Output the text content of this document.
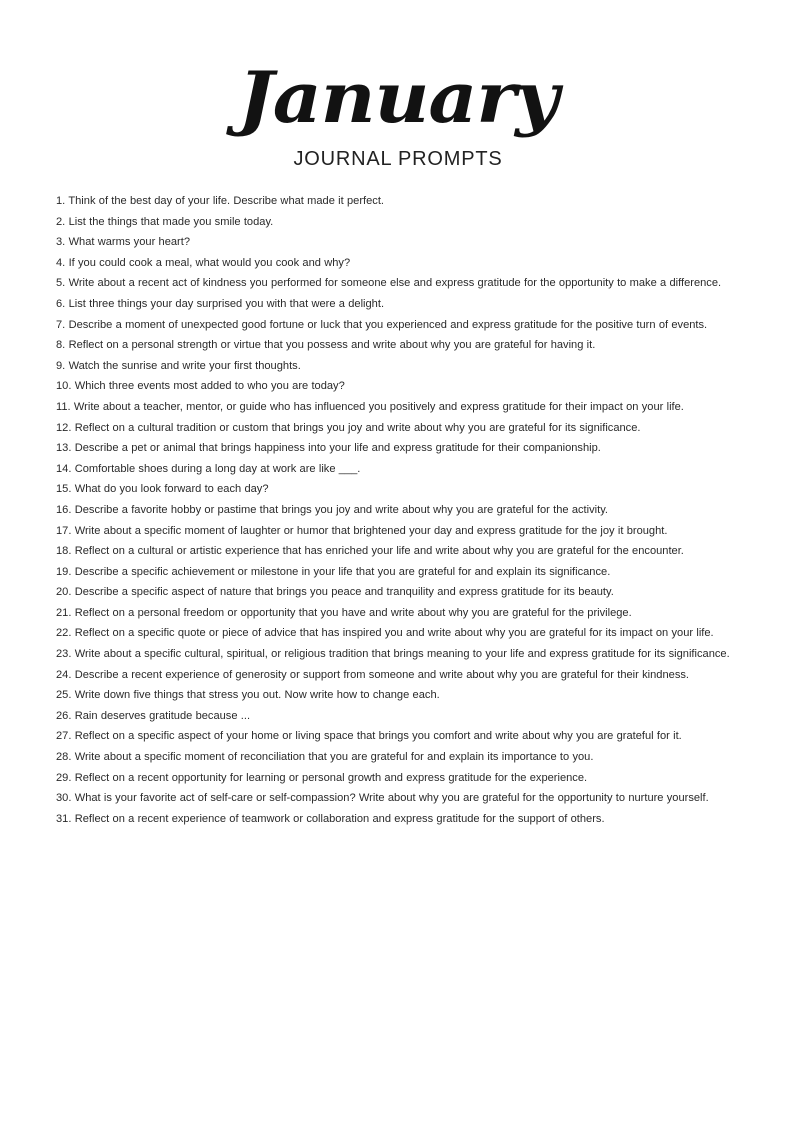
January
JOURNAL PROMPTS
1. Think of the best day of your life. Describe what made it perfect.
2. List the things that made you smile today.
3. What warms your heart?
4. If you could cook a meal, what would you cook and why?
5. Write about a recent act of kindness you performed for someone else and express gratitude for the opportunity to make a difference.
6. List three things your day surprised you with that were a delight.
7. Describe a moment of unexpected good fortune or luck that you experienced and express gratitude for the positive turn of events.
8. Reflect on a personal strength or virtue that you possess and write about why you are grateful for having it.
9. Watch the sunrise and write your first thoughts.
10. Which three events most added to who you are today?
11. Write about a teacher, mentor, or guide who has influenced you positively and express gratitude for their impact on your life.
12. Reflect on a cultural tradition or custom that brings you joy and write about why you are grateful for its significance.
13. Describe a pet or animal that brings happiness into your life and express gratitude for their companionship.
14. Comfortable shoes during a long day at work are like ___.
15. What do you look forward to each day?
16. Describe a favorite hobby or pastime that brings you joy and write about why you are grateful for the activity.
17. Write about a specific moment of laughter or humor that brightened your day and express gratitude for the joy it brought.
18. Reflect on a cultural or artistic experience that has enriched your life and write about why you are grateful for the encounter.
19. Describe a specific achievement or milestone in your life that you are grateful for and explain its significance.
20. Describe a specific aspect of nature that brings you peace and tranquility and express gratitude for its beauty.
21. Reflect on a personal freedom or opportunity that you have and write about why you are grateful for the privilege.
22. Reflect on a specific quote or piece of advice that has inspired you and write about why you are grateful for its impact on your life.
23. Write about a specific cultural, spiritual, or religious tradition that brings meaning to your life and express gratitude for its significance.
24. Describe a recent experience of generosity or support from someone and write about why you are grateful for their kindness.
25. Write down five things that stress you out. Now write how to change each.
26. Rain deserves gratitude because ...
27. Reflect on a specific aspect of your home or living space that brings you comfort and write about why you are grateful for it.
28. Write about a specific moment of reconciliation that you are grateful for and explain its importance to you.
29. Reflect on a recent opportunity for learning or personal growth and express gratitude for the experience.
30. What is your favorite act of self-care or self-compassion? Write about why you are grateful for the opportunity to nurture yourself.
31. Reflect on a recent experience of teamwork or collaboration and express gratitude for the support of others.
